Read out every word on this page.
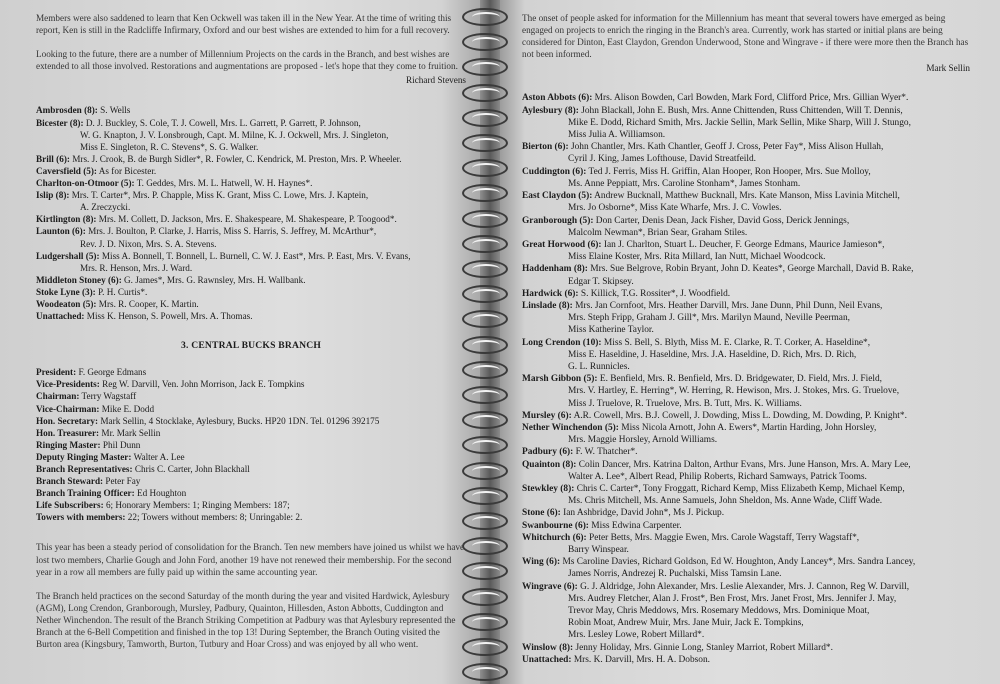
Members were also saddened to learn that Ken Ockwell was taken ill in the New Year. At the time of writing this report, Ken is still in the Radcliffe Infirmary, Oxford and our best wishes are extended to him for a full recovery.

Looking to the future, there are a number of Millennium Projects on the cards in the Branch, and best wishes are extended to all those involved. Restorations and augmentations are proposed - let's hope that they come to fruition.

Richard Stevens
Ambrosden (8): S. Wells
Bicester (8): D. J. Buckley, S. Cole, T. J. Cowell, Mrs. L. Garrett, P. Garrett, P. Johnson,
W. G. Knapton, J. V. Lonsbrough, Capt. M. Milne, K. J. Ockwell, Mrs. J. Singleton,
Miss E. Singleton, R. C. Stevens*, S. G. Walker.
Brill (6): Mrs. J. Crook, B. de Burgh Sidler*, R. Fowler, C. Kendrick, M. Preston, Mrs. P. Wheeler.
Caversfield (5): As for Bicester.
Charlton-on-Otmoor (5): T. Geddes, Mrs. M. L. Hatwell, W. H. Haynes*.
Islip (8): Mrs. T. Carter*, Mrs. P. Chapple, Miss K. Grant, Miss C. Lowe, Mrs. J. Kaptein,
A. Zreczycki.
Kirtlington (8): Mrs. M. Collett, D. Jackson, Mrs. E. Shakespeare, M. Shakespeare, P. Toogood*.
Launton (6): Mrs. J. Boulton, P. Clarke, J. Harris, Miss S. Harris, S. Jeffrey, M. McArthur*,
Rev. J. D. Nixon, Mrs. S. A. Stevens.
Ludgershall (5): Miss A. Bonnell, T. Bonnell, L. Burnell, C. W. J. East*, Mrs. P. East, Mrs. V. Evans,
Mrs. R. Henson, Mrs. J. Ward.
Middleton Stoney (6): G. James*, Mrs. G. Rawnsley, Mrs. H. Wallbank.
Stoke Lyne (3): P. H. Curtis*.
Woodeaton (5): Mrs. R. Cooper, K. Martin.
Unattached: Miss K. Henson, S. Powell, Mrs. A. Thomas.
3. CENTRAL BUCKS BRANCH
President: F. George Edmans
Vice-Presidents: Reg W. Darvill, Ven. John Morrison, Jack E. Tompkins
Chairman: Terry Wagstaff
Vice-Chairman: Mike E. Dodd
Hon. Secretary: Mark Sellin, 4 Stocklake, Aylesbury, Bucks. HP20 1DN. Tel. 01296 392175
Hon. Treasurer: Mr. Mark Sellin
Ringing Master: Phil Dunn
Deputy Ringing Master: Walter A. Lee
Branch Representatives: Chris C. Carter, John Blackhall
Branch Steward: Peter Fay
Branch Training Officer: Ed Houghton
Life Subscribers: 6; Honorary Members: 1; Ringing Members: 187;
Towers with members: 22; Towers without members: 8; Unringable: 2.

This year has been a steady period of consolidation for the Branch. Ten new members have joined us whilst we have lost two members, Charlie Gough and John Ford, another 19 have not renewed their membership. For the second year in a row all members are fully paid up within the same accounting year.

The Branch held practices on the second Saturday of the month during the year and visited Hardwick, Aylesbury (AGM), Long Crendon, Granborough, Mursley, Padbury, Quainton, Hillesden, Aston Abbotts, Cuddington and Nether Winchendon. The result of the Branch Striking Competition at Padbury was that Aylesbury represented the Branch at the 6-Bell Competition and finished in the top 13! During September, the Branch Outing visited the Burton area (Kingsbury, Tamworth, Burton, Tutbury and Hoar Cross) and was enjoyed by all who went.

The onset of people asked for information for the Millennium has meant that several towers have emerged as being engaged on projects to enrich the ringing in the Branch's area. Currently, work has started or initial plans are being considered for Dinton, East Claydon, Grendon Underwood, Stone and Wingrave - if there were more then the Branch has not been informed.

Mark Sellin
Aston Abbots (6): Mrs. Alison Bowden, Carl Bowden, Mark Ford, Clifford Price, Mrs. Gillian Wyer*.
Aylesbury (8): John Blackall, John E. Bush, Mrs. Anne Chittenden, Russ Chittenden, Will T. Dennis,
Mike E. Dodd, Richard Smith, Mrs. Jackie Sellin, Mark Sellin, Mike Sharp, Will J. Stungo,
Miss Julia A. Williamson.
Bierton (6): John Chantler, Mrs. Kath Chantler, Geoff J. Cross, Peter Fay*, Miss Alison Hullah,
Cyril J. King, James Lofthouse, David Streatfeild.
Cuddington (6): Ted J. Ferris, Miss H. Griffin, Alan Hooper, Ron Hooper, Mrs. Sue Molloy,
Ms. Anne Peppiatt, Mrs. Caroline Stonham*, James Stonham.
East Claydon (5): Andrew Bucknall, Matthew Bucknall, Mrs. Kate Manson, Miss Lavinia Mitchell,
Mrs. Jo Osborne*, Miss Kate Wharfe, Mrs. J. C. Vowles.
Granborough (5): Don Carter, Denis Dean, Jack Fisher, David Goss, Derick Jennings,
Malcolm Newman*, Brian Sear, Graham Stiles.
Great Horwood (6): Ian J. Charlton, Stuart L. Deucher, F. George Edmans, Maurice Jamieson*,
Miss Elaine Koster, Mrs. Rita Millard, Ian Nutt, Michael Woodcock.
Haddenham (8): Mrs. Sue Belgrove, Robin Bryant, John D. Keates*, George Marchall, David B. Rake,
Edgar T. Skipsey.
Hardwick (6): S. Killick, T.G. Rossiter*, J. Woodfield.
Linslade (8): Mrs. Jan Cornfoot, Mrs. Heather Darvill, Mrs. Jane Dunn, Phil Dunn, Neil Evans,
Mrs. Steph Fripp, Graham J. Gill*, Mrs. Marilyn Maund, Neville Peerman,
Miss Katherine Taylor.
Long Crendon (10): Miss S. Bell, S. Blyth, Miss M. E. Clarke, R. T. Corker, A. Haseldine*,
Miss E. Haseldine, J. Haseldine, Mrs. J.A. Haseldine, D. Rich, Mrs. D. Rich,
G. L. Runnicles.
Marsh Gibbon (5): E. Benfield, Mrs. R. Benfield, Mrs. D. Bridgewater, D. Field, Mrs. J. Field,
Mrs. V. Hartley, E. Herring*, W. Herring, R. Hewison, Mrs. J. Stokes, Mrs. G. Truelove,
Miss J. Truelove, R. Truelove, Mrs. B. Tutt, Mrs. K. Williams.
Mursley (6): A.R. Cowell, Mrs. B.J. Cowell, J. Dowding, Miss L. Dowding, M. Dowding, P. Knight*.
Nether Winchendon (5): Miss Nicola Arnott, John A. Ewers*, Martin Harding, John Horsley,
Mrs. Maggie Horsley, Arnold Williams.
Padbury (6): F. W. Thatcher*.
Quainton (8): Colin Dancer, Mrs. Katrina Dalton, Arthur Evans, Mrs. June Hanson, Mrs. A. Mary Lee,
Walter A. Lee*, Albert Read, Philip Roberts, Richard Samways, Patrick Tooms.
Stewkley (8): Chris C. Carter*, Tony Froggatt, Richard Kemp, Miss Elizabeth Kemp, Michael Kemp,
Ms. Chris Mitchell, Ms. Anne Samuels, John Sheldon, Ms. Anne Wade, Cliff Wade.
Stone (6): Ian Ashbridge, David John*, Ms J. Pickup.
Swanbourne (6): Miss Edwina Carpenter.
Whitchurch (6): Peter Betts, Mrs. Maggie Ewen, Mrs. Carole Wagstaff, Terry Wagstaff*,
Barry Winspear.
Wing (6): Ms Caroline Davies, Richard Goldson, Ed W. Houghton, Andy Lancey*, Mrs. Sandra Lancey,
James Norris, Andrezej R. Puchalski, Miss Tamsin Lane.
Wingrave (6): G. J. Aldridge, John Alexander, Mrs. Leslie Alexander, Mrs. J. Cannon, Reg W. Darvill,
Mrs. Audrey Fletcher, Alan J. Frost*, Ben Frost, Mrs. Janet Frost, Mrs. Jennifer J. May,
Trevor May, Chris Meddows, Mrs. Rosemary Meddows, Mrs. Dominique Moat,
Robin Moat, Andrew Muir, Mrs. Jane Muir, Jack E. Tompkins,
Mrs. Lesley Lowe, Robert Millard*.
Winslow (8): Jenny Holiday, Mrs. Ginnie Long, Stanley Marriot, Robert Millard*.
Unattached: Mrs. K. Darvill, Mrs. H. A. Dobson.
